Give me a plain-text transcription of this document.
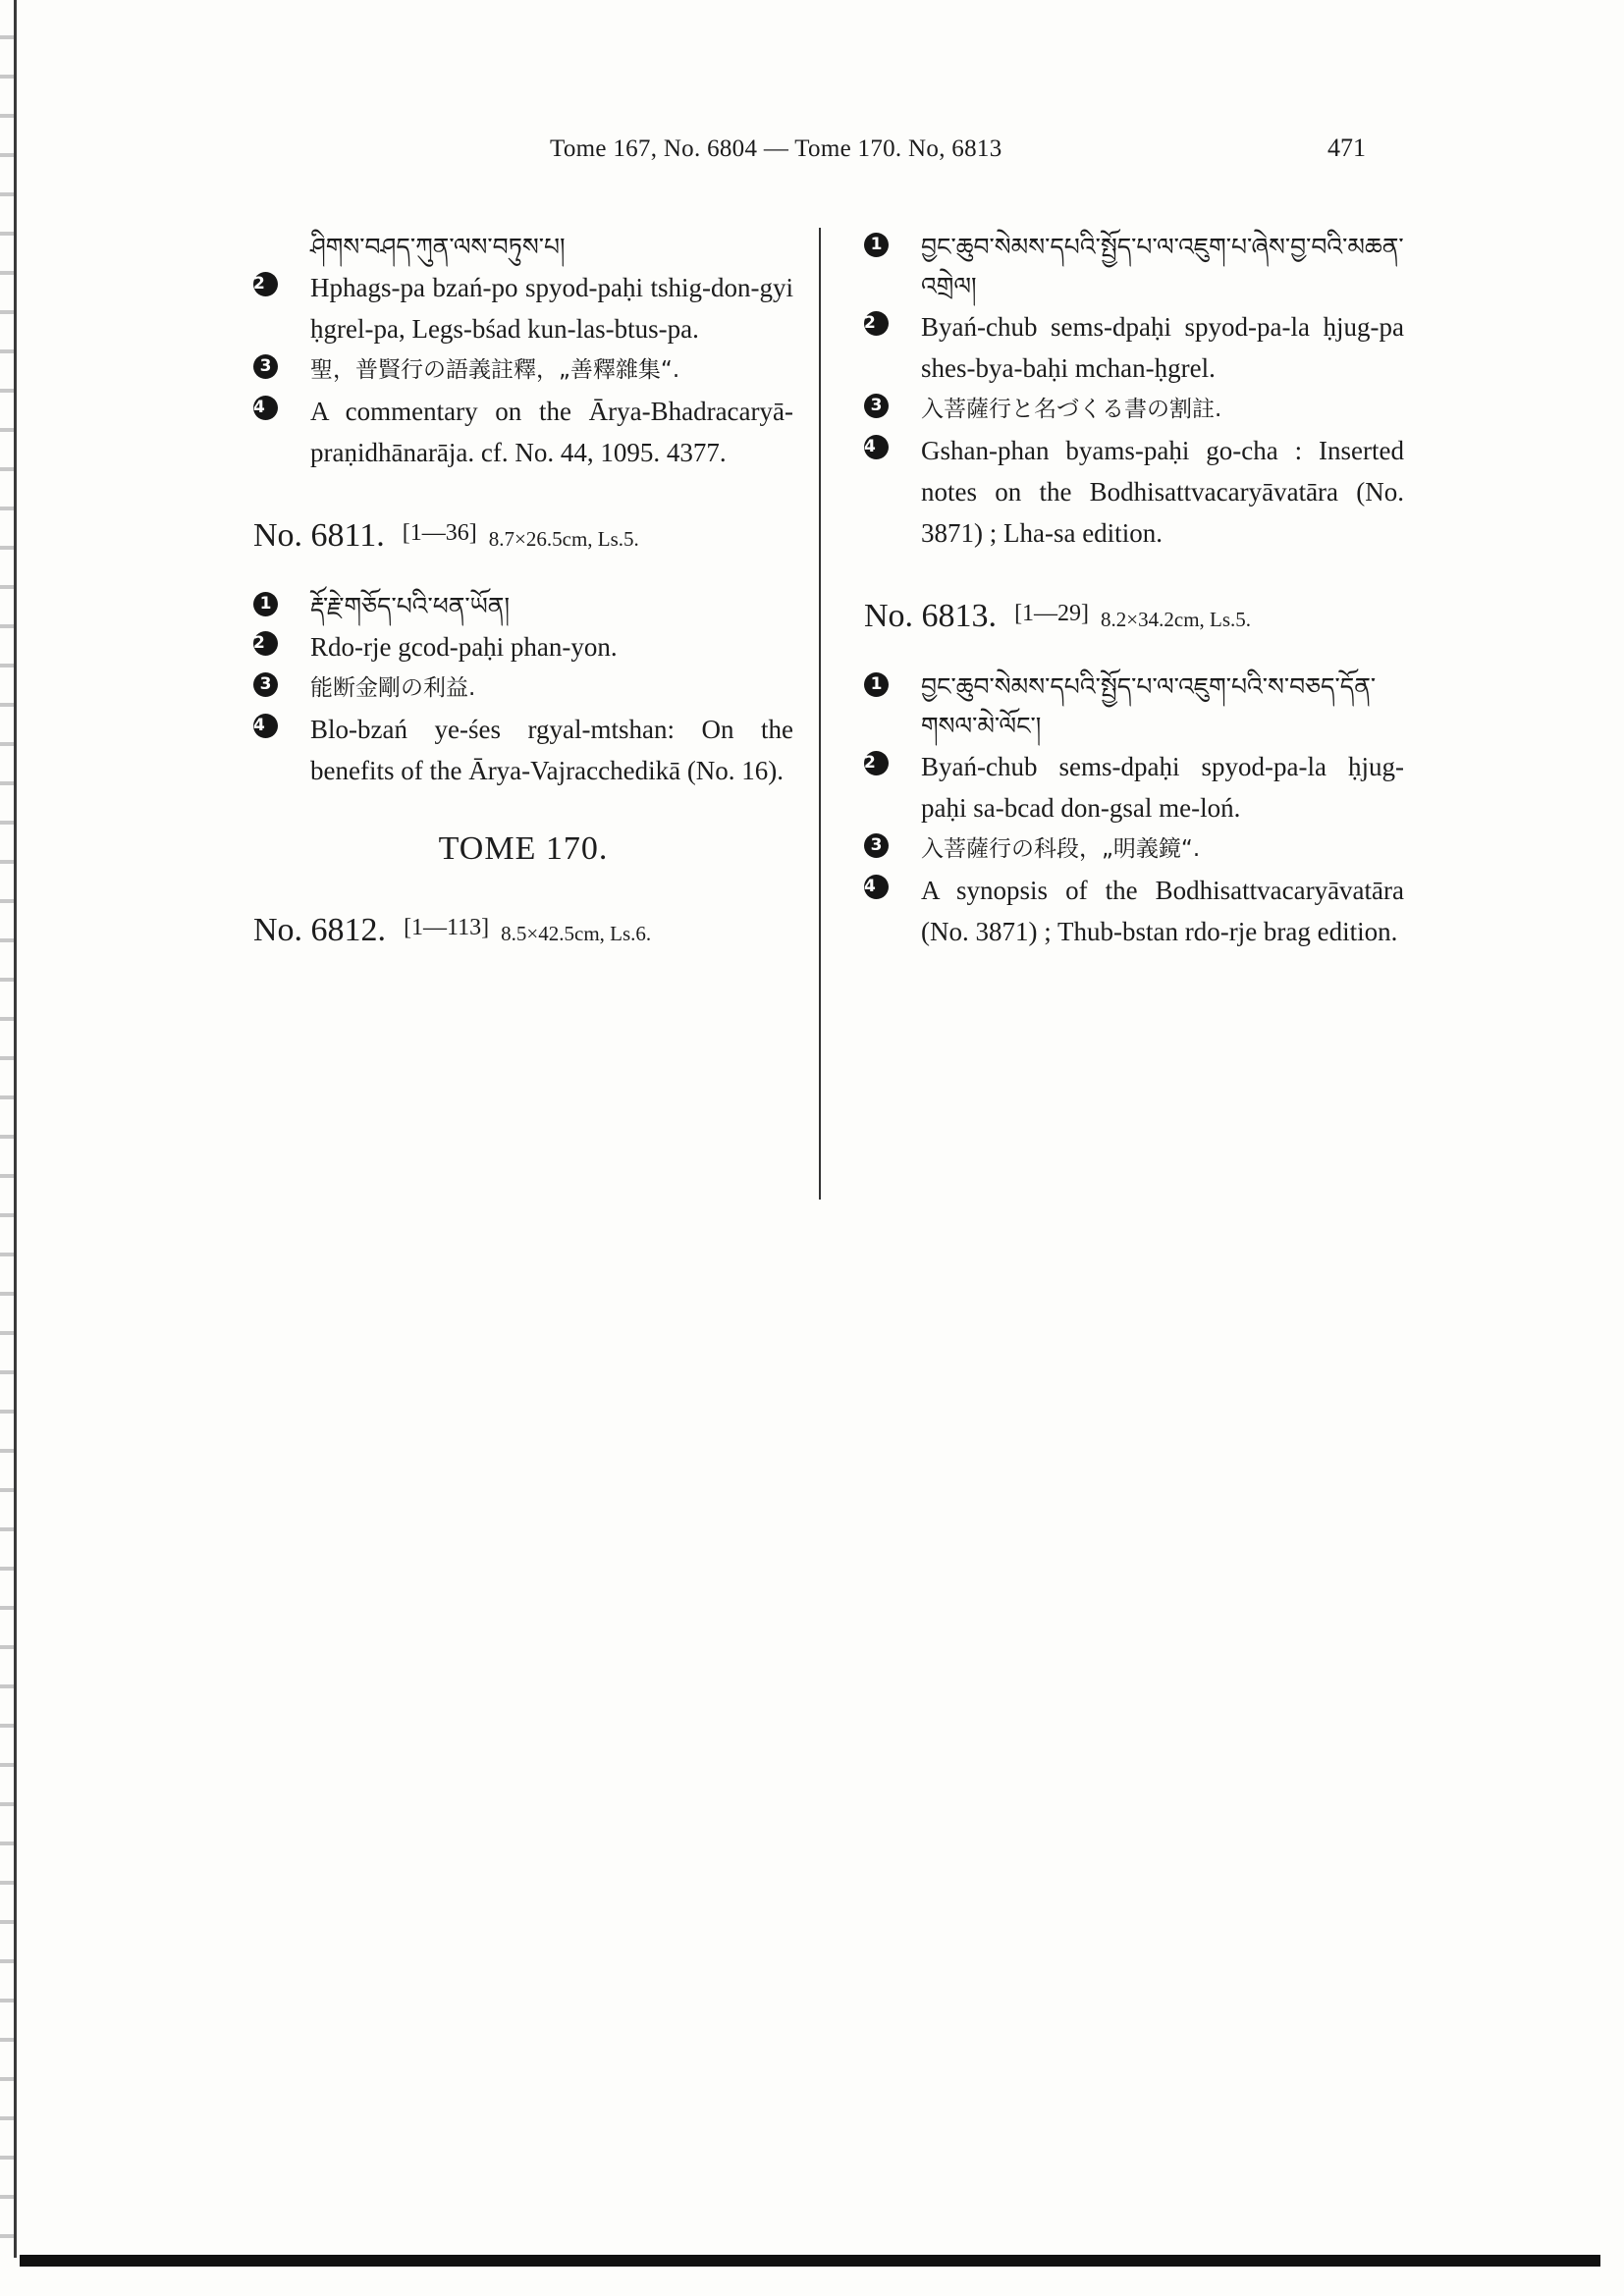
Tome 167, No. 6804 — Tome 170. No, 6813	471

ཤིགས་བཤད་ཀུན་ལས་བཏུས་པ།

2	Hphags-pa bzań-po spyod-paḥi tshig-don-gyi ḥgrel-pa, Legs-bśad kun-las-btus-pa.

3 聖，普賢行の語義註釋，„善釋雜集“.

4	A commentary on the Ārya-Bhadracaryā-praṇidhānarāja. cf. No. 44, 1095. 4377.

No. 6811. [1—36] 8.7×26.5cm, Ls.5.

1 རྡོ་རྗེ་གཅོད་པའི་ཕན་ཡོན།

2	Rdo-rje gcod-paḥi phan-yon.

3 能断金剛の利益.

4	Blo-bzań ye-śes rgyal-mtshan: On the benefits of the Ārya-Vajracchedikā (No. 16).

TOME 170.
No. 6812. [1—113] 8.5×42.5cm, Ls.6.

1 བྱང་ཆུབ་སེམས་དཔའི་སྤྱོད་པ་ལ་འཇུག་པ་ཞེས་བྱ་བའི་མཆན་འགྲེལ།

2	Byań-chub sems-dpaḥi spyod-pa-la ḥjug-pa shes-bya-baḥi mchan-ḥgrel.

3 入菩薩行と名づくる書の割註.

4	Gshan-phan byams-paḥi go-cha : Inserted notes on the Bodhisattvacaryāvatāra (No. 3871) ; Lha-sa edition.

No. 6813. [1—29] 8.2×34.2cm, Ls.5.

1 བྱང་ཆུབ་སེམས་དཔའི་སྤྱོད་པ་ལ་འཇུག་པའི་ས་བཅད་དོན་གསལ་མེ་ལོང་།

2	Byań-chub sems-dpaḥi spyod-pa-la ḥjug-paḥi sa-bcad don-gsal me-loń.

3 入菩薩行の科段，„明義鏡“.

4	A synopsis of the Bodhisattvacaryāvatāra (No. 3871) ; Thub-bstan rdo-rje brag edition.
